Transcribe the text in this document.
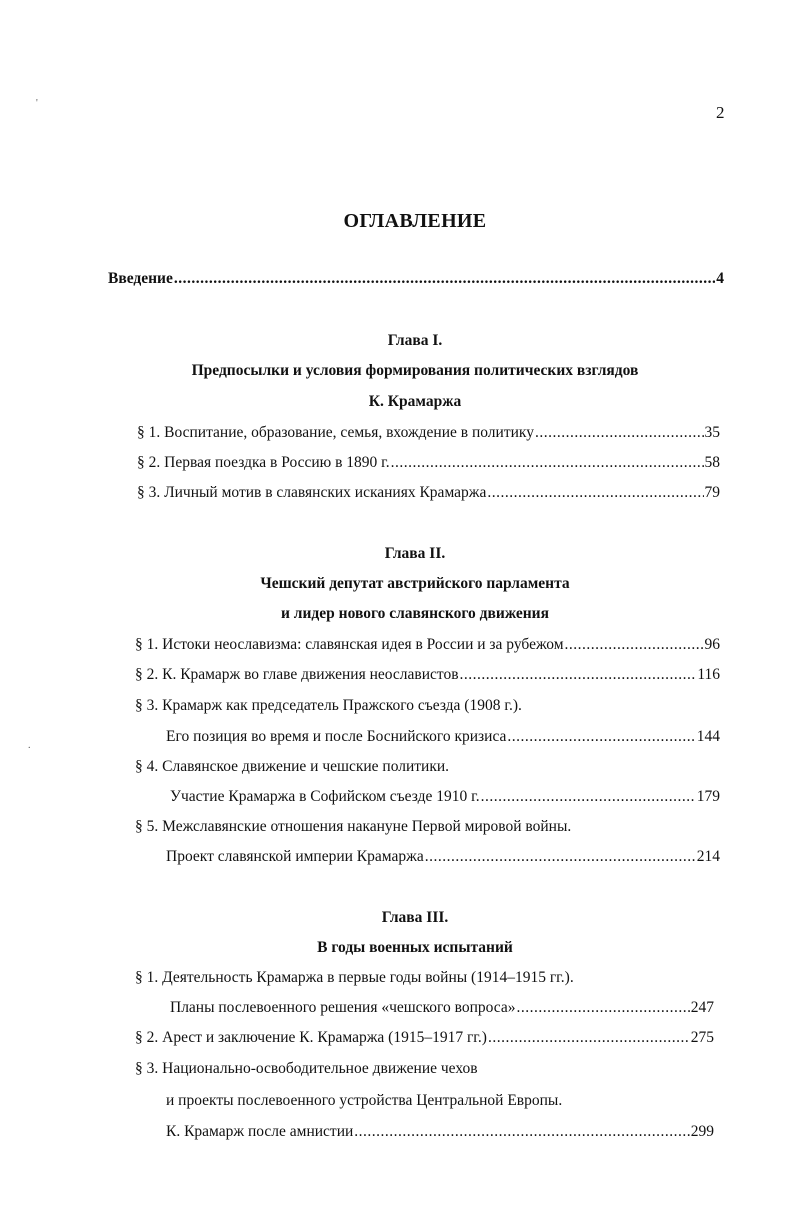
'
.
2
ОГЛАВЛЕНИЕ
Введение .....	4
Глава I.
Предпосылки и условия формирования политических взглядов
К. Крамаржа
§ 1. Воспитание, образование, семья, вхождение в политику .....	35
§ 2. Первая поездка в Россию в 1890 г. .....	58
§ 3. Личный мотив в славянских исканиях Крамаржа .....	79
Глава II.
Чешский депутат австрийского парламента
и лидер нового славянского движения
§ 1. Истоки неославизма: славянская идея в России и за рубежом .....	96
§ 2. К. Крамарж во главе движения неославистов .....	116
§ 3. Крамарж как председатель Пражского съезда (1908 г.).
Его позиция во время и после Боснийского кризиса .....	144
§ 4. Славянское движение и чешские политики.
Участие Крамаржа в Софийском съезде 1910 г. .....	179
§ 5. Межславянские отношения накануне Первой мировой войны.
Проект славянской империи Крамаржа .....	214
Глава III.
В годы военных испытаний
§ 1. Деятельность Крамаржа в первые годы войны (1914–1915 гг.).
Планы послевоенного решения «чешского вопроса» .....	247
§ 2. Арест и заключение К. Крамаржа (1915–1917 гг.) .....	275
§ 3. Национально-освободительное движение чехов
и проекты послевоенного устройства Центральной Европы.
К. Крамарж после амнистии .....	299
